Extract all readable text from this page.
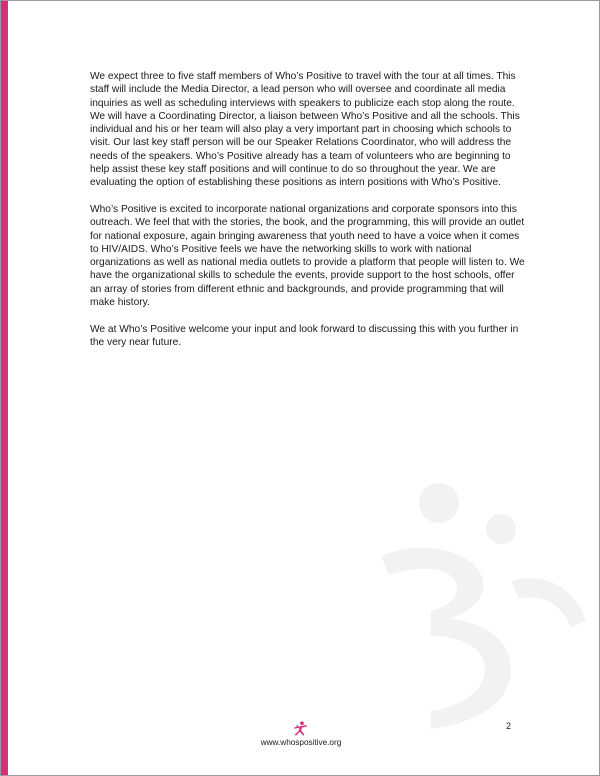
We expect three to five staff members of Who’s Positive to travel with the tour at all times. This staff will include the Media Director, a lead person who will oversee and coordinate all media inquiries as well as scheduling interviews with speakers to publicize each stop along the route. We will have a Coordinating Director, a liaison between Who’s Positive and all the schools. This individual and his or her team will also play a very important part in choosing which schools to visit. Our last key staff person will be our Speaker Relations Coordinator, who will address the needs of the speakers. Who’s Positive already has a team of volunteers who are beginning to help assist these key staff positions and will continue to do so throughout the year. We are evaluating the option of establishing these positions as intern positions with Who’s Positive.

Who’s Positive is excited to incorporate national organizations and corporate sponsors into this outreach. We feel that with the stories, the book, and the programming, this will provide an outlet for national exposure, again bringing awareness that youth need to have a voice when it comes to HIV/AIDS. Who’s Positive feels we have the networking skills to work with national organizations as well as national media outlets to provide a platform that people will listen to. We have the organizational skills to schedule the events, provide support to the host schools, offer an array of stories from different ethnic and backgrounds, and provide programming that will make history.

We at Who’s Positive welcome your input and look forward to discussing this with you further in the very near future.

2
www.whospositive.org
